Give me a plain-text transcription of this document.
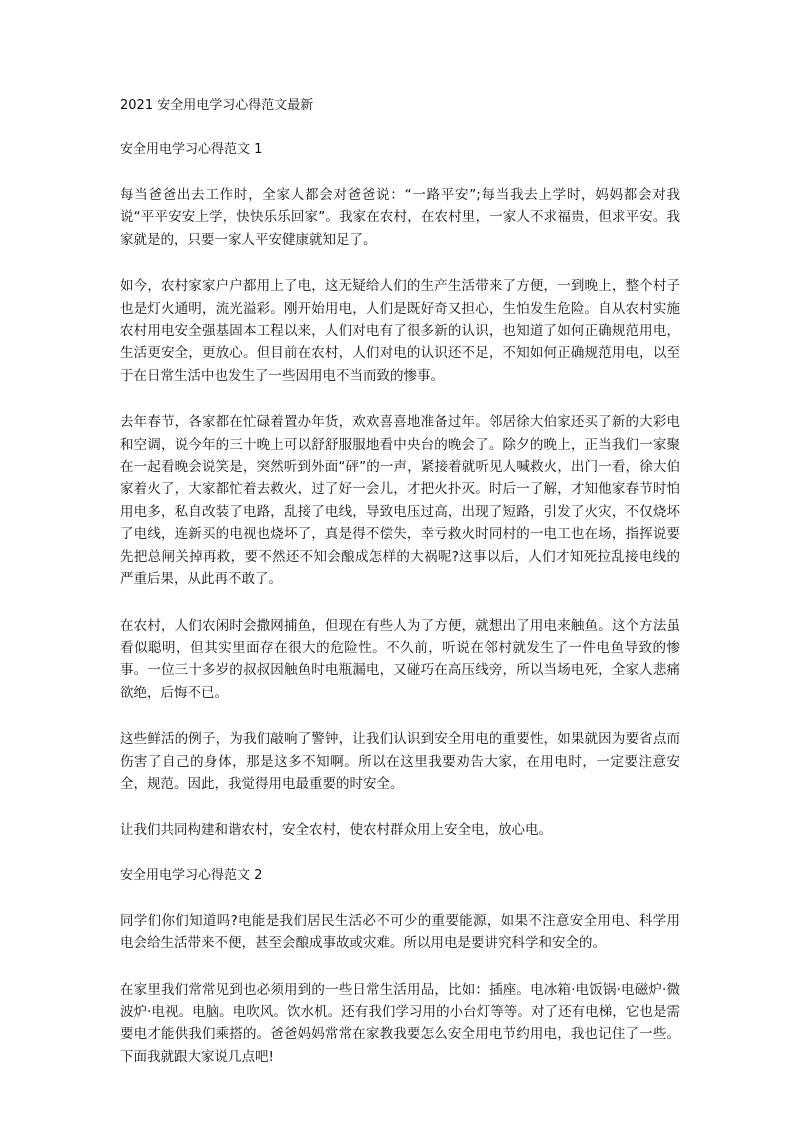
2021 安全用电学习心得范文最新
安全用电学习心得范文 1

每当爸爸出去工作时，全家人都会对爸爸说：“一路平安”;每当我去上学时，妈妈都会对我说“平平安安上学，快快乐乐回家”。我家在农村，在农村里，一家人不求福贵，但求平安。我家就是的，只要一家人平安健康就知足了。

如今，农村家家户户都用上了电，这无疑给人们的生产生活带来了方便，一到晚上，整个村子也是灯火通明，流光溢彩。刚开始用电，人们是既好奇又担心，生怕发生危险。自从农村实施农村用电安全强基固本工程以来，人们对电有了很多新的认识，也知道了如何正确规范用电，生活更安全，更放心。但目前在农村，人们对电的认识还不足，不知如何正确规范用电，以至于在日常生活中也发生了一些因用电不当而致的惨事。

去年春节，各家都在忙碌着置办年货，欢欢喜喜地准备过年。邻居徐大伯家还买了新的大彩电和空调，说今年的三十晚上可以舒舒服服地看中央台的晚会了。除夕的晚上，正当我们一家聚在一起看晚会说笑是，突然听到外面“砰”的一声，紧接着就听见人喊救火，出门一看，徐大伯家着火了，大家都忙着去救火，过了好一会儿，才把火扑灭。时后一了解，才知他家春节时怕用电多，私自改装了电路，乱接了电线，导致电压过高，出现了短路，引发了火灾，不仅烧坏了电线，连新买的电视也烧坏了，真是得不偿失，幸亏救火时同村的一电工也在场，指挥说要先把总闸关掉再救，要不然还不知会酿成怎样的大祸呢?这事以后，人们才知死拉乱接电线的严重后果，从此再不敢了。

在农村，人们农闲时会撒网捕鱼，但现在有些人为了方便，就想出了用电来触鱼。这个方法虽看似聪明，但其实里面存在很大的危险性。不久前，听说在邻村就发生了一件电鱼导致的惨事。一位三十多岁的叔叔因触鱼时电瓶漏电，又碰巧在高压线旁，所以当场电死，全家人悲痛欲绝，后悔不已。

这些鲜活的例子，为我们敲响了警钟，让我们认识到安全用电的重要性，如果就因为要省点而伤害了自己的身体，那是这多不知啊。所以在这里我要劝告大家，在用电时，一定要注意安全，规范。因此，我觉得用电最重要的时安全。

让我们共同构建和谐农村，安全农村，使农村群众用上安全电，放心电。

安全用电学习心得范文 2

同学们你们知道吗?电能是我们居民生活必不可少的重要能源，如果不注意安全用电、科学用电会给生活带来不便，甚至会酿成事故或灾难。所以用电是要讲究科学和安全的。

在家里我们常常见到也必须用到的一些日常生活用品，比如：插座。电冰箱·电饭锅·电磁炉·微波炉·电视。电脑。电吹风。饮水机。还有我们学习用的小台灯等等。对了还有电梯，它也是需要电才能供我们乘搭的。爸爸妈妈常常在家教我要怎么安全用电节约用电，我也记住了一些。下面我就跟大家说几点吧!
